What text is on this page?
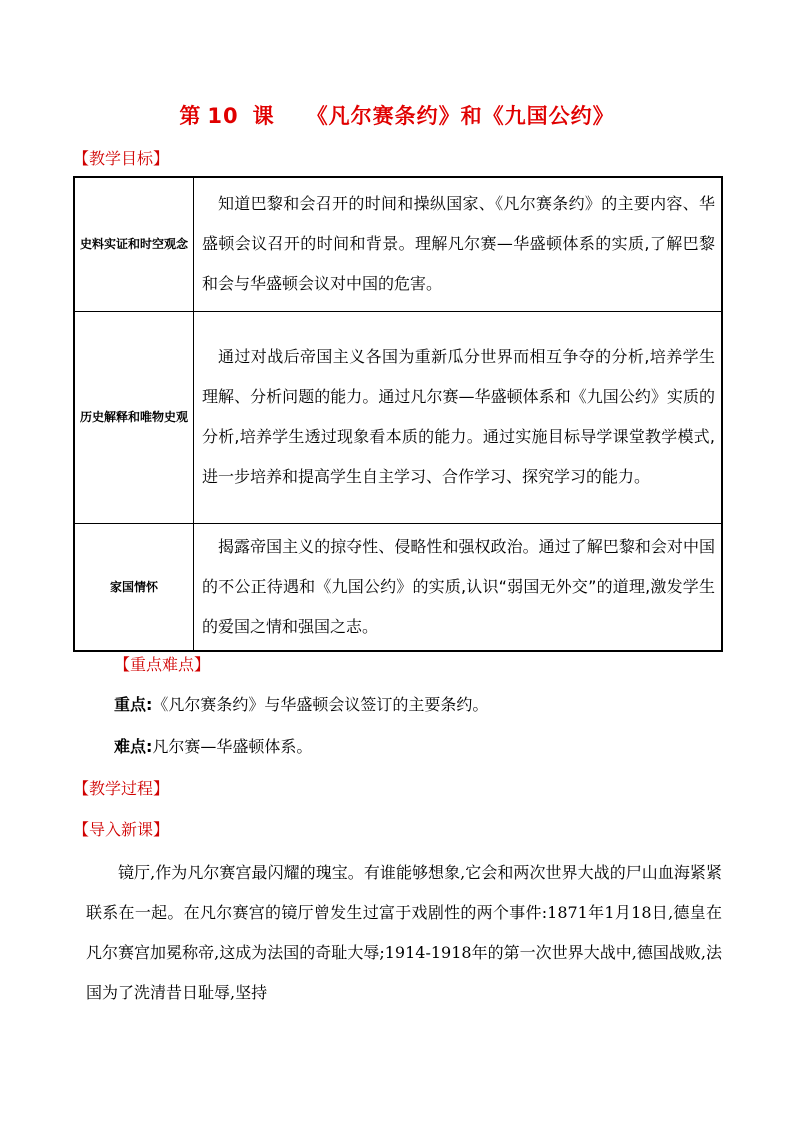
第 10 课 《凡尔赛条约》和《九国公约》
【教学目标】
史料实证和时空观念	知道巴黎和会召开的时间和操纵国家、《凡尔赛条约》的主要内容、华盛顿会议召开的时间和背景。理解凡尔赛—华盛顿体系的实质,了解巴黎和会与华盛顿会议对中国的危害。
历史解释和唯物史观	通过对战后帝国主义各国为重新瓜分世界而相互争夺的分析,培养学生理解、分析问题的能力。通过凡尔赛—华盛顿体系和《九国公约》实质的分析,培养学生透过现象看本质的能力。通过实施目标导学课堂教学模式,进一步培养和提高学生自主学习、合作学习、探究学习的能力。
家国情怀	揭露帝国主义的掠夺性、侵略性和强权政治。通过了解巴黎和会对中国的不公正待遇和《九国公约》的实质,认识“弱国无外交”的道理,激发学生的爱国之情和强国之志。
【重点难点】
重点:《凡尔赛条约》与华盛顿会议签订的主要条约。
难点:凡尔赛—华盛顿体系。
【教学过程】
【导入新课】
镜厅,作为凡尔赛宫最闪耀的瑰宝。有谁能够想象,它会和两次世界大战的尸山血海紧紧联系在一起。在凡尔赛宫的镜厅曾发生过富于戏剧性的两个事件:1871年1月18日,德皇在凡尔赛宫加冕称帝,这成为法国的奇耻大辱;1914-1918年的第一次世界大战中,德国战败,法国为了洗清昔日耻辱,坚持
